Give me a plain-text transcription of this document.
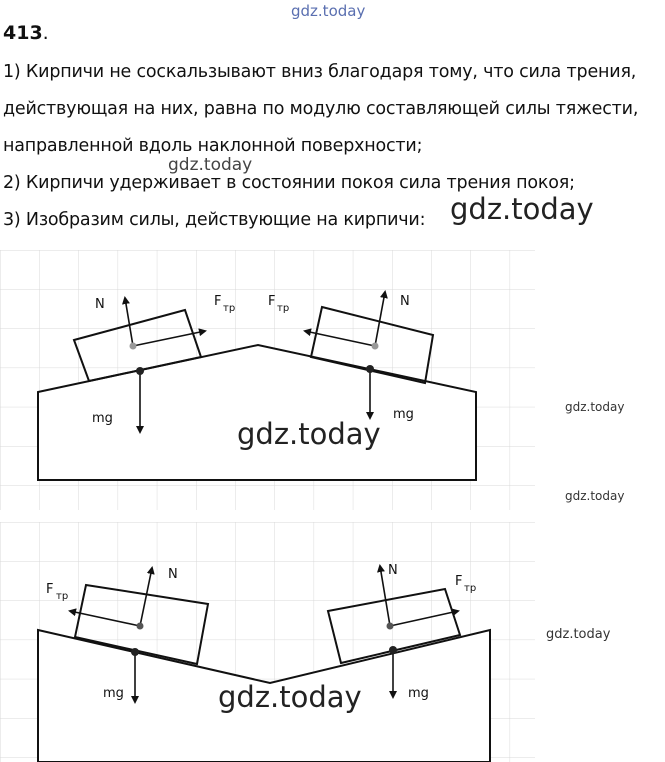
gdz.today
413.
1) Кирпичи не соскальзывают вниз благодаря тому, что сила трения,
действующая на них, равна по модулю составляющей силы тяжести,
направленной вдоль наклонной поверхности;
2) Кирпичи удерживает в состоянии покоя сила трения покоя;
3) Изобразим силы, действующие на кирпичи:
gdz.today
gdz.today
N	F тр
mg
N
F тр
mg
N
F тр
mg
N
F тр
mg
gdz.today
gdz.today
gdz.today
gdz.today
gdz.today
